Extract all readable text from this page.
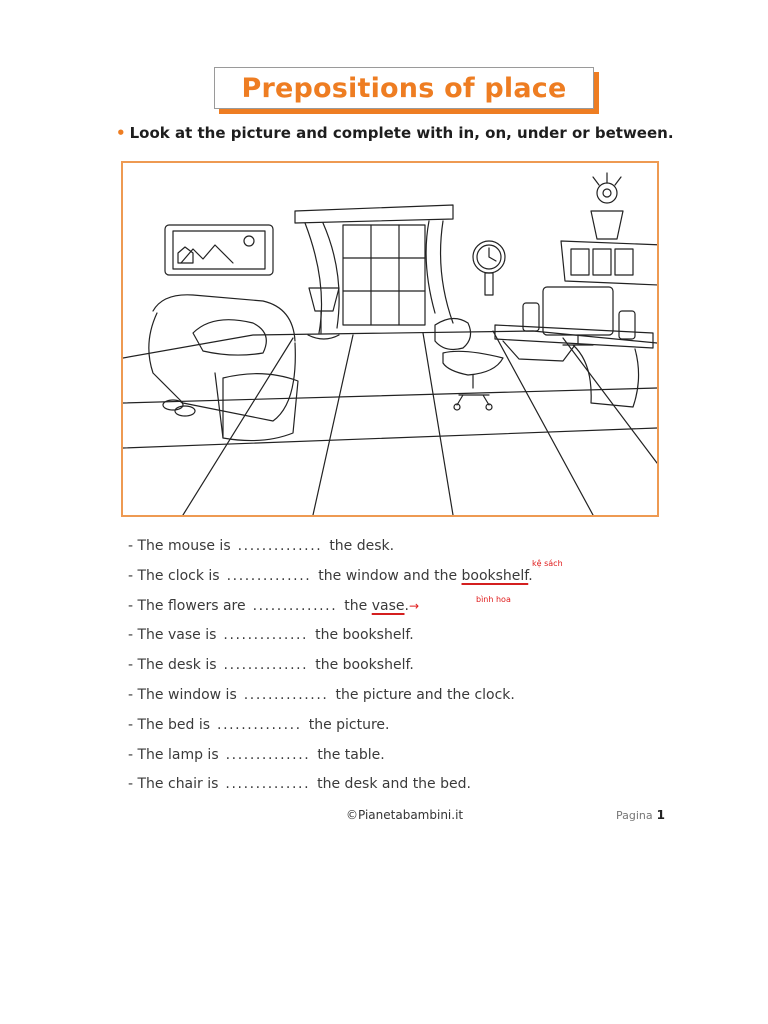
Prepositions of place
• Look at the picture and complete with in, on, under or between.
- The mouse is .............. the desk.
- The clock is .............. the window and the bookshelf.
kệ sách
- The flowers are .............. the vase.→	bình hoa
- The vase is .............. the bookshelf.
- The desk is .............. the bookshelf.
- The window is .............. the picture and the clock.
- The bed is .............. the picture.
- The lamp is .............. the table.
- The chair is .............. the desk and the bed.
©Pianetabambini.it	Pagina 1
